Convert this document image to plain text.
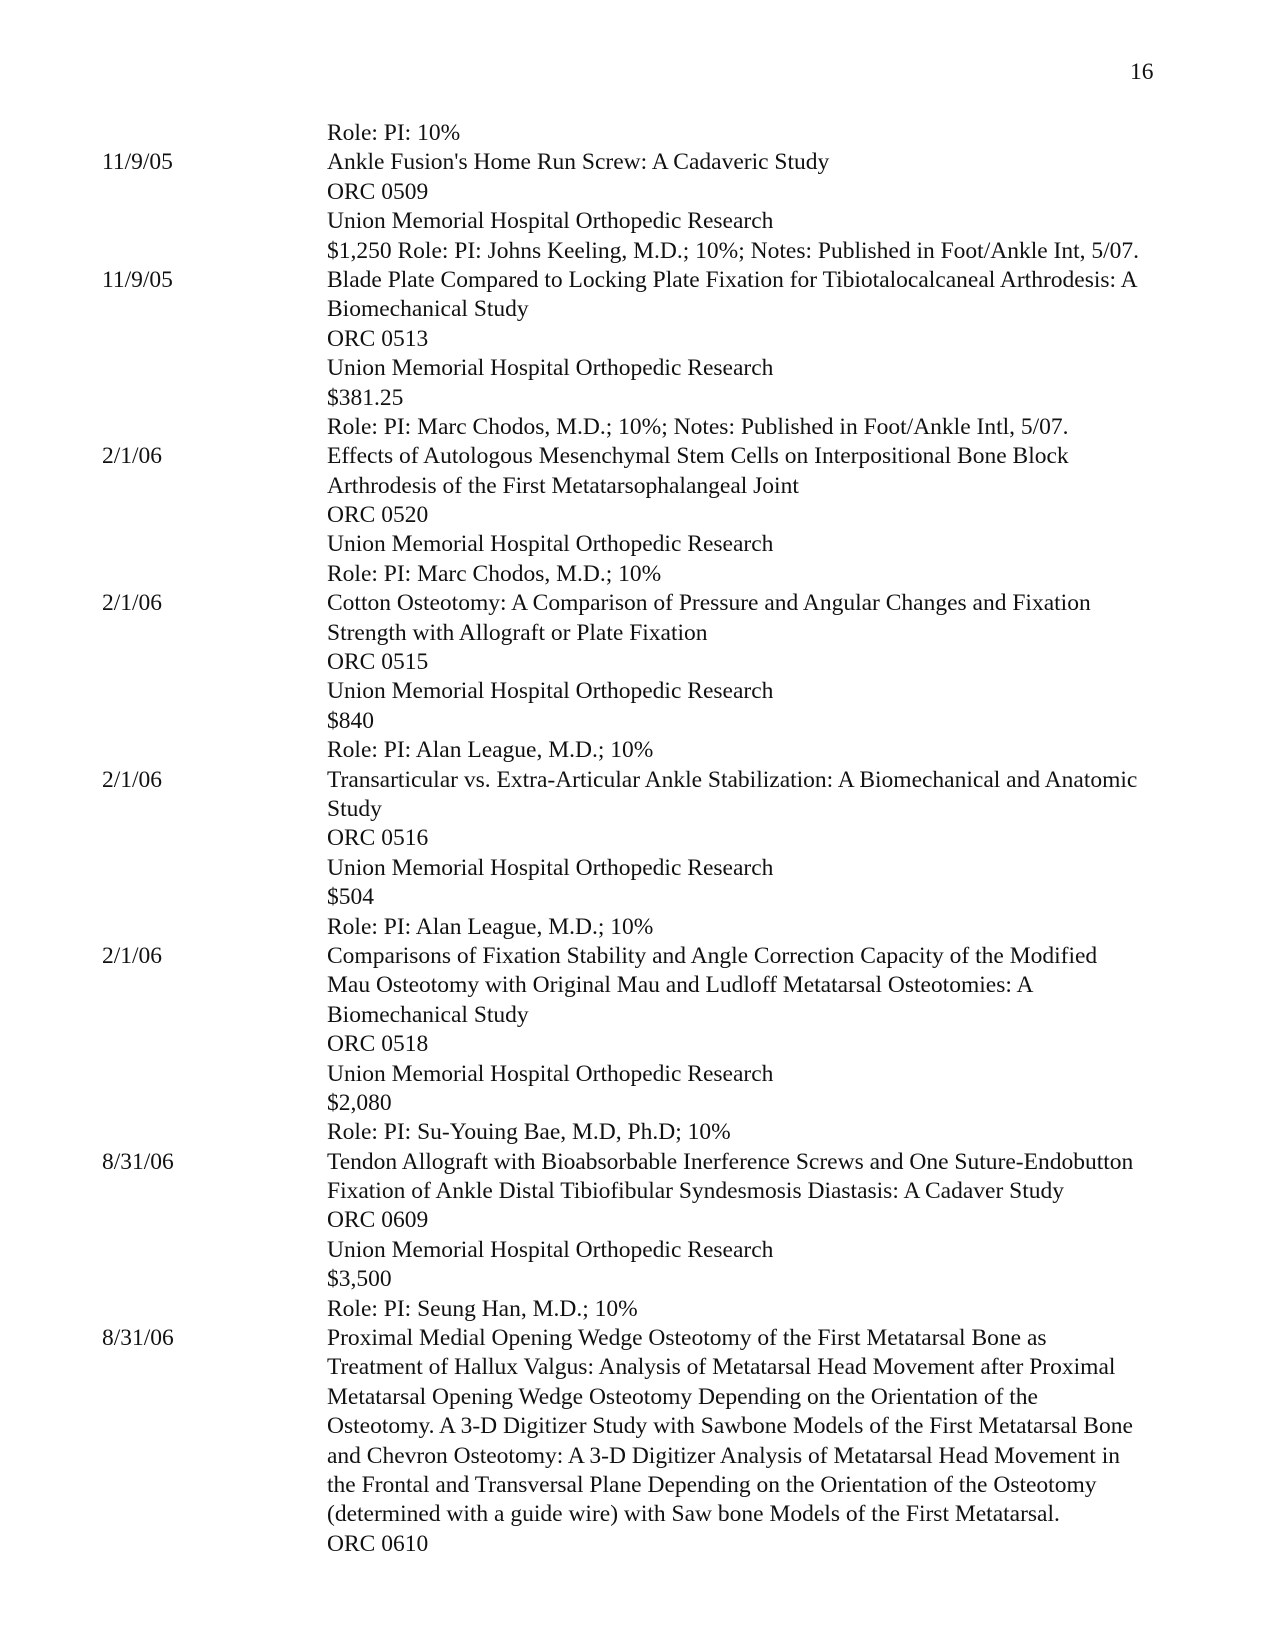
16
Role: PI: 10%
11/9/05	Ankle Fusion's Home Run Screw: A Cadaveric Study
ORC 0509
Union Memorial Hospital Orthopedic Research
$1,250 Role: PI: Johns Keeling, M.D.; 10%; Notes: Published in Foot/Ankle Int, 5/07.
11/9/05	Blade Plate Compared to Locking Plate Fixation for Tibiotalocalcaneal Arthrodesis: A
Biomechanical Study
ORC 0513
Union Memorial Hospital Orthopedic Research
$381.25
Role: PI: Marc Chodos, M.D.; 10%; Notes: Published in Foot/Ankle Intl, 5/07.
2/1/06	Effects of Autologous Mesenchymal Stem Cells on Interpositional Bone Block
Arthrodesis of the First Metatarsophalangeal Joint
ORC 0520
Union Memorial Hospital Orthopedic Research
Role: PI: Marc Chodos, M.D.; 10%
2/1/06	Cotton Osteotomy: A Comparison of Pressure and Angular Changes and Fixation
Strength with Allograft or Plate Fixation
ORC 0515
Union Memorial Hospital Orthopedic Research
$840
Role: PI: Alan League, M.D.; 10%
2/1/06	Transarticular vs. Extra-Articular Ankle Stabilization: A Biomechanical and Anatomic
Study
ORC 0516
Union Memorial Hospital Orthopedic Research
$504
Role: PI: Alan League, M.D.; 10%
2/1/06	Comparisons of Fixation Stability and Angle Correction Capacity of the Modified
Mau Osteotomy with Original Mau and Ludloff Metatarsal Osteotomies: A
Biomechanical Study
ORC 0518
Union Memorial Hospital Orthopedic Research
$2,080
Role: PI: Su-Youing Bae, M.D, Ph.D; 10%
8/31/06	Tendon Allograft with Bioabsorbable Inerference Screws and One Suture-Endobutton
Fixation of Ankle Distal Tibiofibular Syndesmosis Diastasis: A Cadaver Study
ORC 0609
Union Memorial Hospital Orthopedic Research
$3,500
Role: PI: Seung Han, M.D.; 10%
8/31/06	Proximal Medial Opening Wedge Osteotomy of the First Metatarsal Bone as
Treatment of Hallux Valgus: Analysis of Metatarsal Head Movement after Proximal
Metatarsal Opening Wedge Osteotomy Depending on the Orientation of the
Osteotomy. A 3-D Digitizer Study with Sawbone Models of the First Metatarsal Bone
and Chevron Osteotomy: A 3-D Digitizer Analysis of Metatarsal Head Movement in
the Frontal and Transversal Plane Depending on the Orientation of the Osteotomy
(determined with a guide wire) with Saw bone Models of the First Metatarsal.
ORC 0610
